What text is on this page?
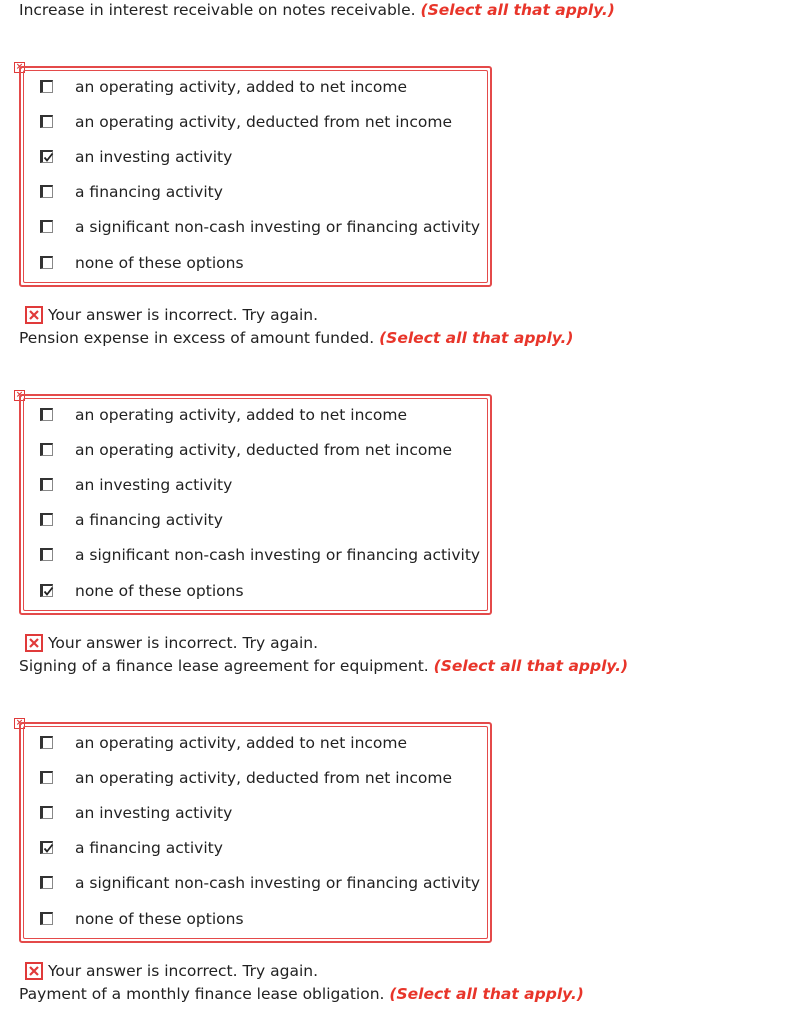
Increase in interest receivable on notes receivable. (Select all that apply.)
×
an operating activity, added to net income
an operating activity, deducted from net income
an investing activity
a financing activity
a significant non-cash investing or financing activity
none of these options
Your answer is incorrect. Try again.
Pension expense in excess of amount funded. (Select all that apply.)
×
an operating activity, added to net income
an operating activity, deducted from net income
an investing activity
a financing activity
a significant non-cash investing or financing activity
none of these options
Your answer is incorrect. Try again.
Signing of a finance lease agreement for equipment. (Select all that apply.)
×
an operating activity, added to net income
an operating activity, deducted from net income
an investing activity
a financing activity
a significant non-cash investing or financing activity
none of these options
Your answer is incorrect. Try again.
Payment of a monthly finance lease obligation. (Select all that apply.)
